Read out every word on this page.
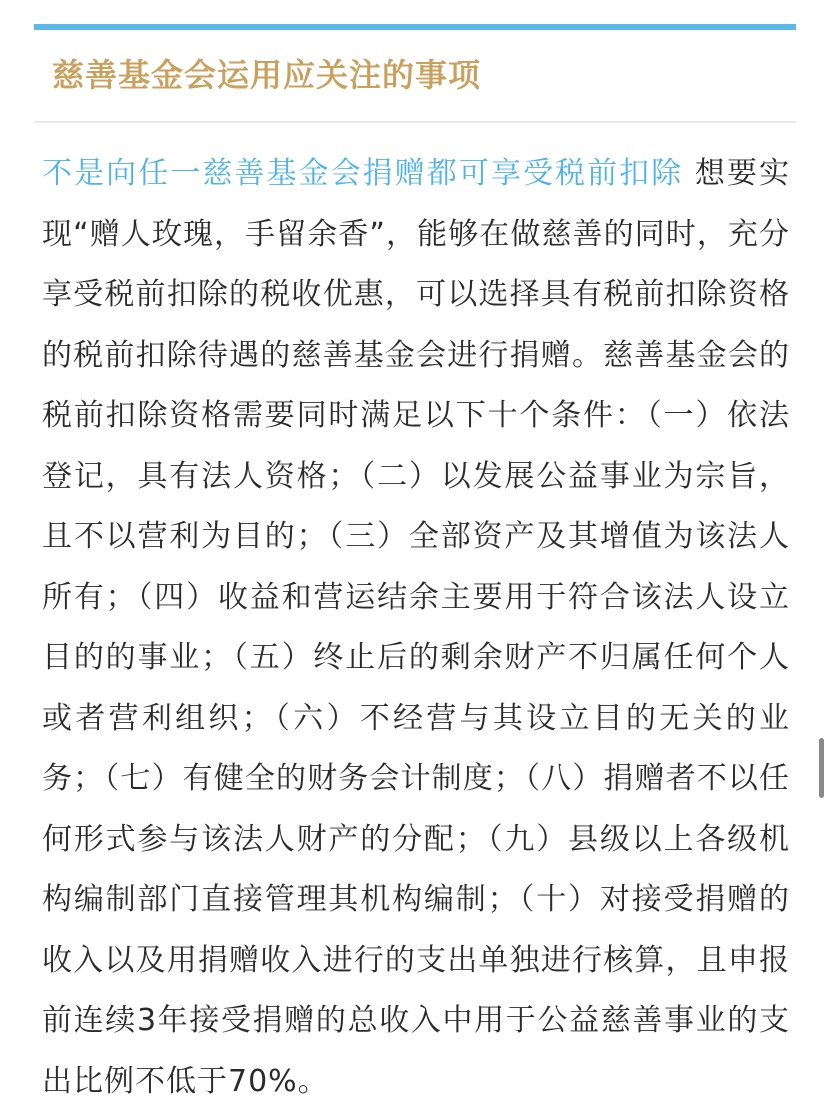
慈善基金会运用应关注的事项

不是向任一慈善基金会捐赠都可享受税前扣除 想要实现“赠人玫瑰，手留余香”，能够在做慈善的同时，充分享受税前扣除的税收优惠，可以选择具有税前扣除资格的税前扣除待遇的慈善基金会进行捐赠。慈善基金会的税前扣除资格需要同时满足以下十个条件：（一）依法登记，具有法人资格；（二）以发展公益事业为宗旨，且不以营利为目的；（三）全部资产及其增值为该法人所有；（四）收益和营运结余主要用于符合该法人设立目的的事业；（五）终止后的剩余财产不归属任何个人或者营利组织；（六）不经营与其设立目的无关的业务；（七）有健全的财务会计制度；（八）捐赠者不以任何形式参与该法人财产的分配；（九）县级以上各级机构编制部门直接管理其机构编制；（十）对接受捐赠的收入以及用捐赠收入进行的支出单独进行核算，且申报前连续3年接受捐赠的总收入中用于公益慈善事业的支出比例不低于70%。
